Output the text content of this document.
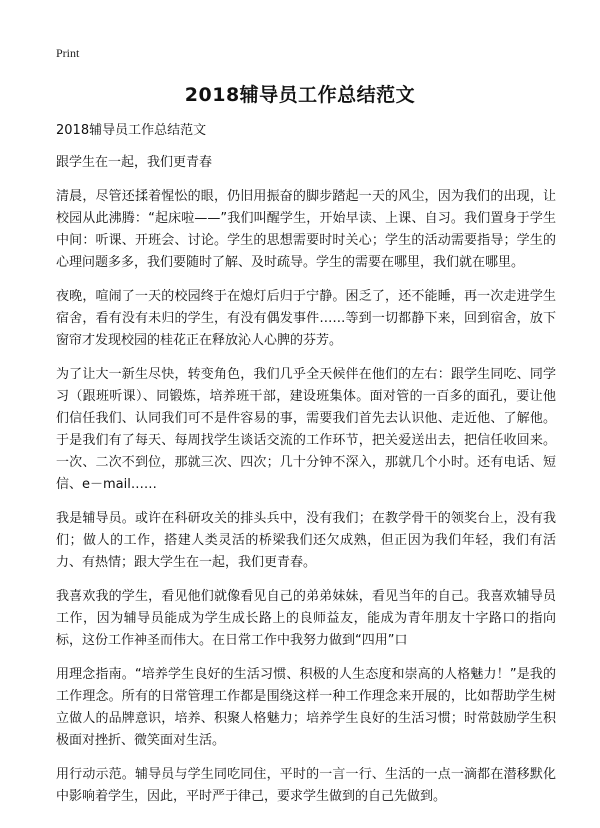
Print
2018辅导员工作总结范文

2018辅导员工作总结范文

跟学生在一起，我们更青春

清晨，尽管还揉着惺忪的眼，仍旧用振奋的脚步踏起一天的风尘，因为我们的出现，让校园从此沸腾：“起床啦——”我们叫醒学生，开始早读、上课、自习。我们置身于学生中间：听课、开班会、讨论。学生的思想需要时时关心；学生的活动需要指导；学生的心理问题多多，我们要随时了解、及时疏导。学生的需要在哪里，我们就在哪里。

夜晚，喧闹了一天的校园终于在熄灯后归于宁静。困乏了，还不能睡，再一次走进学生宿舍，看有没有未归的学生，有没有偶发事件……等到一切都静下来，回到宿舍，放下窗帘才发现校园的桂花正在释放沁人心脾的芬芳。

为了让大一新生尽快，转变角色，我们几乎全天候伴在他们的左右：跟学生同吃、同学习（跟班听课）、同锻炼，培养班干部，建设班集体。面对管的一百多的面孔，要让他们信任我们、认同我们可不是件容易的事，需要我们首先去认识他、走近他、了解他。于是我们有了每天、每周找学生谈话交流的工作环节，把关爱送出去，把信任收回来。一次、二次不到位，那就三次、四次；几十分钟不深入，那就几个小时。还有电话、短信、e－mail……

我是辅导员。或许在科研攻关的排头兵中，没有我们；在教学骨干的领奖台上，没有我们；做人的工作，搭建人类灵活的桥梁我们还欠成熟，但正因为我们年轻，我们有活力、有热情；跟大学生在一起，我们更青春。

我喜欢我的学生，看见他们就像看见自己的弟弟妹妹，看见当年的自己。我喜欢辅导员工作，因为辅导员能成为学生成长路上的良师益友，能成为青年朋友十字路口的指向标，这份工作神圣而伟大。在日常工作中我努力做到“四用”口

用理念指南。“培养学生良好的生活习惯、积极的人生态度和崇高的人格魅力！”是我的工作理念。所有的日常管理工作都是围绕这样一种工作理念来开展的，比如帮助学生树立做人的品牌意识，培养、积聚人格魅力；培养学生良好的生活习惯；时常鼓励学生积极面对挫折、微笑面对生活。

用行动示范。辅导员与学生同吃同住，平时的一言一行、生活的一点一滴都在潜移默化中影响着学生，因此，平时严于律己，要求学生做到的自己先做到。
